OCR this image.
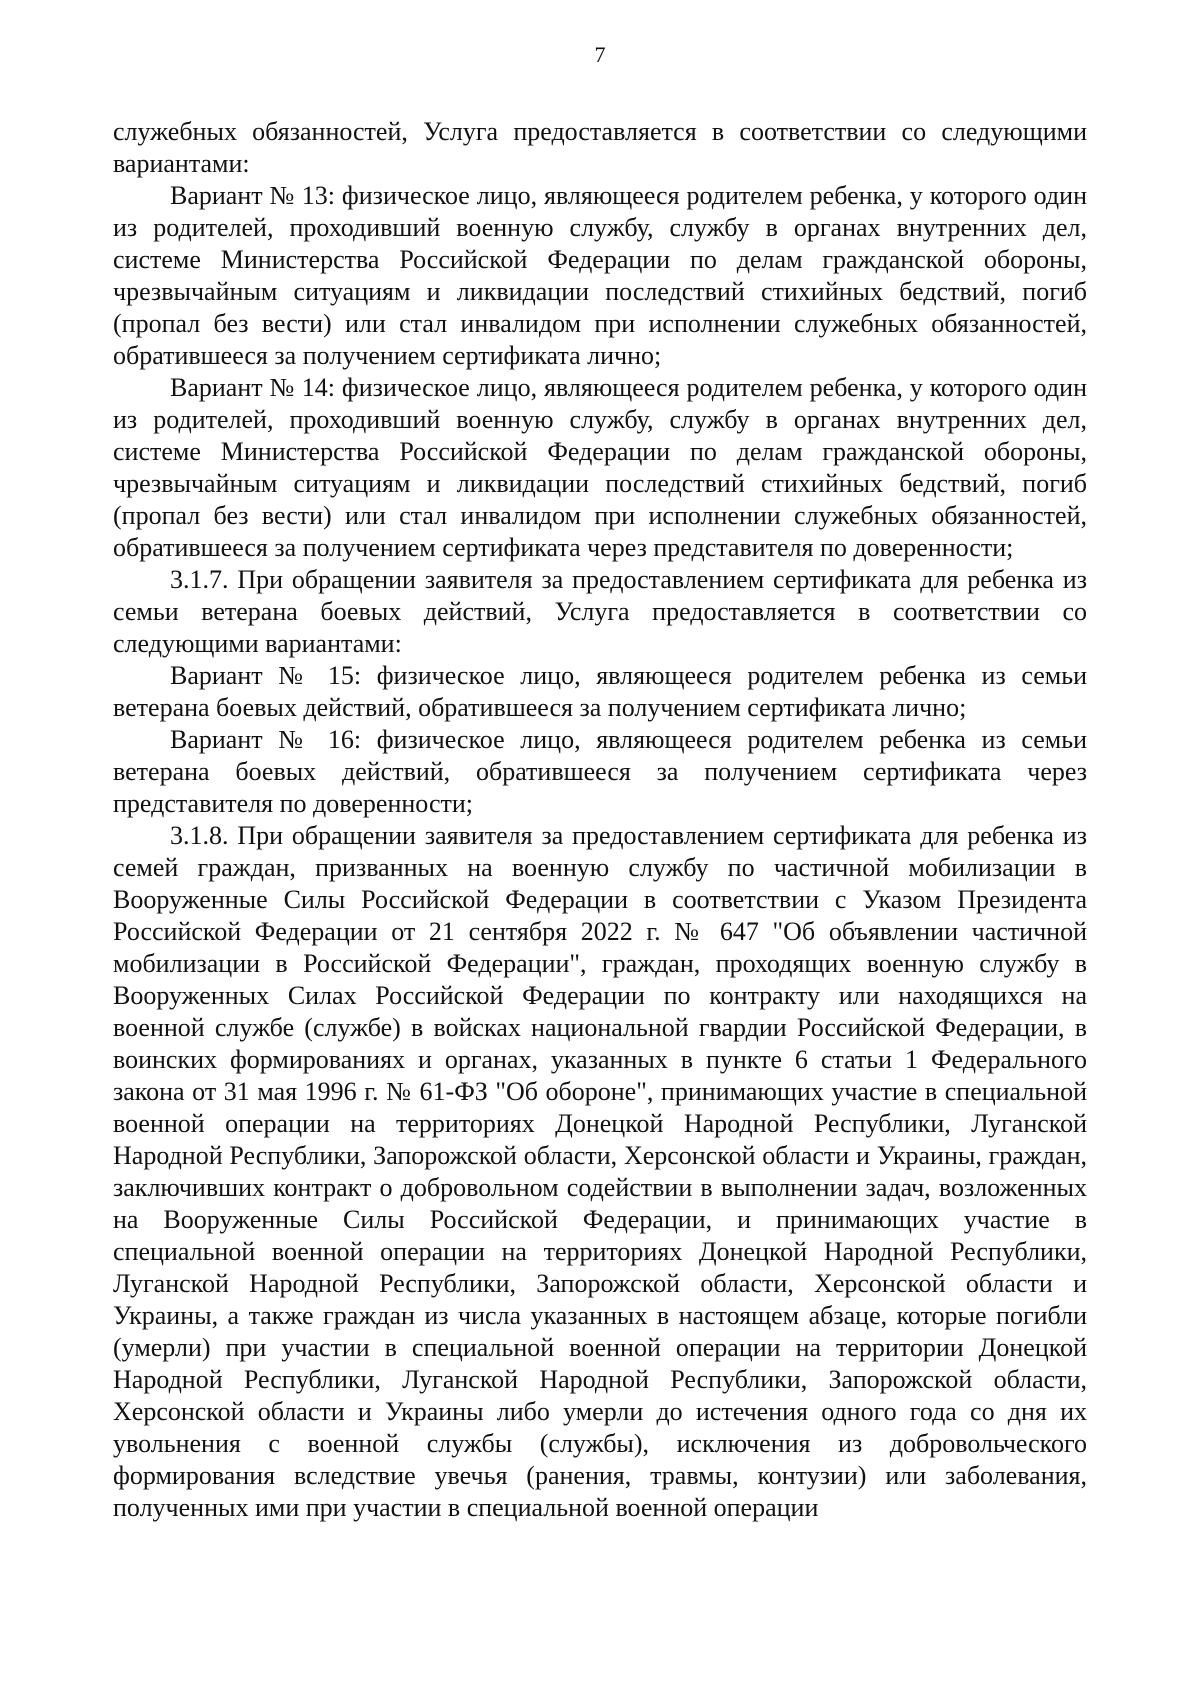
7

служебных обязанностей, Услуга предоставляется в соответствии со следующими вариантами:

Вариант № 13: физическое лицо, являющееся родителем ребенка, у которого один из родителей, проходивший военную службу, службу в органах внутренних дел, системе Министерства Российской Федерации по делам гражданской обороны, чрезвычайным ситуациям и ликвидации последствий стихийных бедствий, погиб (пропал без вести) или стал инвалидом при исполнении служебных обязанностей, обратившееся за получением сертификата лично;

Вариант № 14: физическое лицо, являющееся родителем ребенка, у которого один из родителей, проходивший военную службу, службу в органах внутренних дел, системе Министерства Российской Федерации по делам гражданской обороны, чрезвычайным ситуациям и ликвидации последствий стихийных бедствий, погиб (пропал без вести) или стал инвалидом при исполнении служебных обязанностей, обратившееся за получением сертификата через представителя по доверенности;

3.1.7. При обращении заявителя за предоставлением сертификата для ребенка из семьи ветерана боевых действий, Услуга предоставляется в соответствии со следующими вариантами:

Вариант № 15: физическое лицо, являющееся родителем ребенка из семьи ветерана боевых действий, обратившееся за получением сертификата лично;

Вариант № 16: физическое лицо, являющееся родителем ребенка из семьи ветерана боевых действий, обратившееся за получением сертификата через представителя по доверенности;

3.1.8. При обращении заявителя за предоставлением сертификата для ребенка из семей граждан, призванных на военную службу по частичной мобилизации в Вооруженные Силы Российской Федерации в соответствии с Указом Президента Российской Федерации от 21 сентября 2022 г. № 647 "Об объявлении частичной мобилизации в Российской Федерации", граждан, проходящих военную службу в Вооруженных Силах Российской Федерации по контракту или находящихся на военной службе (службе) в войсках национальной гвардии Российской Федерации, в воинских формированиях и органах, указанных в пункте 6 статьи 1 Федерального закона от 31 мая 1996 г. № 61-ФЗ "Об обороне", принимающих участие в специальной военной операции на территориях Донецкой Народной Республики, Луганской Народной Республики, Запорожской области, Херсонской области и Украины, граждан, заключивших контракт о добровольном содействии в выполнении задач, возложенных на Вооруженные Силы Российской Федерации, и принимающих участие в специальной военной операции на территориях Донецкой Народной Республики, Луганской Народной Республики, Запорожской области, Херсонской области и Украины, а также граждан из числа указанных в настоящем абзаце, которые погибли (умерли) при участии в специальной военной операции на территории Донецкой Народной Республики, Луганской Народной Республики, Запорожской области, Херсонской области и Украины либо умерли до истечения одного года со дня их увольнения с военной службы (службы), исключения из добровольческого формирования вследствие увечья (ранения, травмы, контузии) или заболевания, полученных ими при участии в специальной военной операции
